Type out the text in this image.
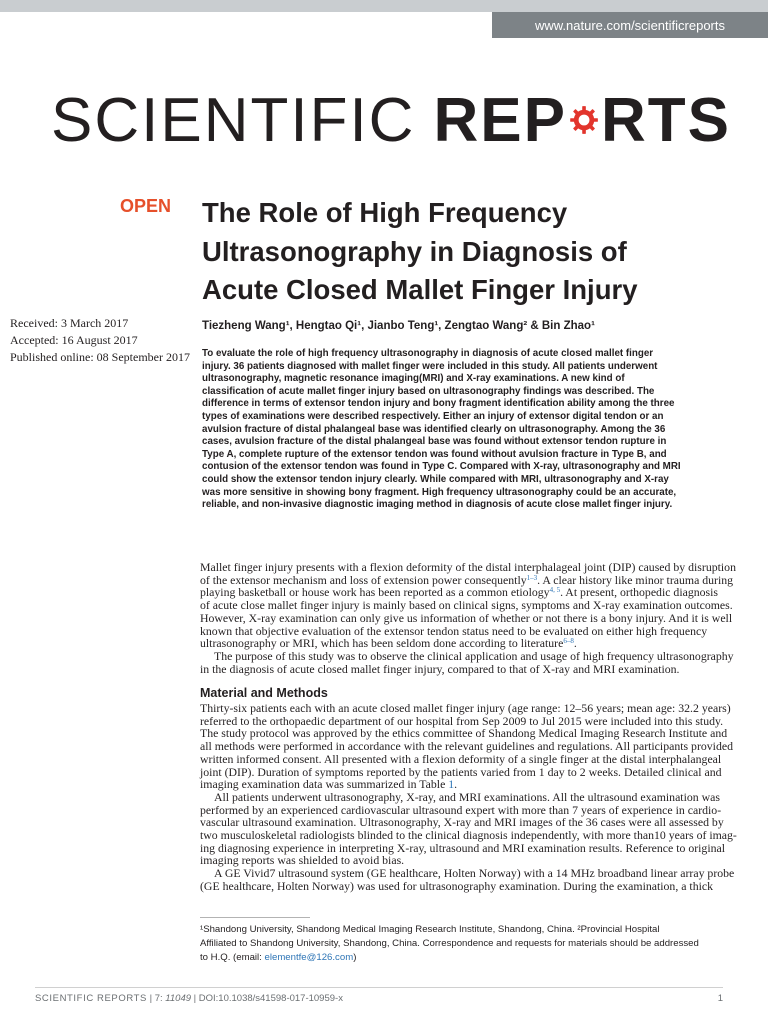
www.nature.com/scientificreports
SCIENTIFIC REP RTS
OPEN The Role of High Frequency
Ultrasonography in Diagnosis of
Acute Closed Mallet Finger Injury
Received: 3 March 2017
Accepted: 16 August 2017
Published online: 08 September 2017
Tiezheng Wang¹, Hengtao Qi¹, Jianbo Teng¹, Zengtao Wang² & Bin Zhao¹
To evaluate the role of high frequency ultrasonography in diagnosis of acute closed mallet finger
injury. 36 patients diagnosed with mallet finger were included in this study. All patients underwent
ultrasonography, magnetic resonance imaging(MRI) and X-ray examinations. A new kind of
classification of acute mallet finger injury based on ultrasonography findings was described. The
difference in terms of extensor tendon injury and bony fragment identification ability among the three
types of examinations were described respectively. Either an injury of extensor digital tendon or an
avulsion fracture of distal phalangeal base was identified clearly on ultrasonography. Among the 36
cases, avulsion fracture of the distal phalangeal base was found without extensor tendon rupture in
Type A, complete rupture of the extensor tendon was found without avulsion fracture in Type B, and
contusion of the extensor tendon was found in Type C. Compared with X-ray, ultrasonography and MRI
could show the extensor tendon injury clearly. While compared with MRI, ultrasonography and X-ray
was more sensitive in showing bony fragment. High frequency ultrasonography could be an accurate,
reliable, and non-invasive diagnostic imaging method in diagnosis of acute close mallet finger injury.
Mallet finger injury presents with a flexion deformity of the distal interphalageal joint (DIP) caused by disruption
of the extensor mechanism and loss of extension power consequently$^{1-3}$. A clear history like minor trauma during
playing basketball or house work has been reported as a common etiology$^{4, 5}$. At present, orthopedic diagnosis
of acute close mallet finger injury is mainly based on clinical signs, symptoms and X-ray examination outcomes.
However, X-ray examination can only give us information of whether or not there is a bony injury. And it is well
known that objective evaluation of the extensor tendon status need to be evaluated on either high frequency
ultrasonography or MRI, which has been seldom done according to literature$^{6-8}$.
The purpose of this study was to observe the clinical application and usage of high frequency ultrasonography
in the diagnosis of acute closed mallet finger injury, compared to that of X-ray and MRI examination.
Material and Methods
Thirty-six patients each with an acute closed mallet finger injury (age range: 12–56 years; mean age: 32.2 years)
referred to the orthopaedic department of our hospital from Sep 2009 to Jul 2015 were included into this study.
The study protocol was approved by the ethics committee of Shandong Medical Imaging Research Institute and
all methods were performed in accordance with the relevant guidelines and regulations. All participants provided
written informed consent. All presented with a flexion deformity of a single finger at the distal interphalangeal
joint (DIP). Duration of symptoms reported by the patients varied from 1 day to 2 weeks. Detailed clinical and
imaging examination data was summarized in Table 1.
All patients underwent ultrasonography, X-ray, and MRI examinations. All the ultrasound examination was
performed by an experienced cardiovascular ultrasound expert with more than 7 years of experience in cardio-
vascular ultrasound examination. Ultrasonography, X-ray and MRI images of the 36 cases were all assessed by
two musculoskeletal radiologists blinded to the clinical diagnosis independently, with more than10 years of imag-
ing diagnosing experience in interpreting X-ray, ultrasound and MRI examination results. Reference to original
imaging reports was shielded to avoid bias.
A GE Vivid7 ultrasound system (GE healthcare, Holten Norway) with a 14 MHz broadband linear array probe
(GE healthcare, Holten Norway) was used for ultrasonography examination. During the examination, a thick
¹Shandong University, Shandong Medical Imaging Research Institute, Shandong, China. ²Provincial Hospital
Affiliated to Shandong University, Shandong, China. Correspondence and requests for materials should be addressed
to H.Q. (email: elementfe@126.com)
SCIENTIFIC REPORTS | 7: 11049 | DOI:10.1038/s41598-017-10959-x	1
